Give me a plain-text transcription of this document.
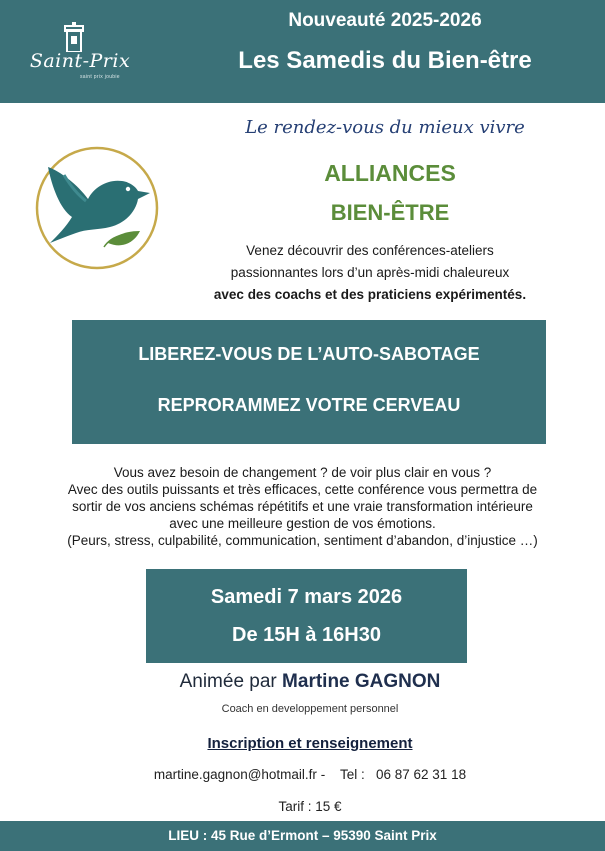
Saint-Prix
saint prix joubie
Nouveauté 2025-2026
Les Samedis du Bien-être
Le rendez-vous du mieux vivre
ALLIANCES
BIEN-ÊTRE
Venez découvrir des conférences-ateliers
passionnantes lors d’un après-midi chaleureux
avec des coachs et des praticiens expérimentés.
LIBEREZ-VOUS DE L’AUTO-SABOTAGE
REPRORAMMEZ VOTRE CERVEAU
Vous avez besoin de changement ? de voir plus clair en vous ?
Avec des outils puissants et très efficaces, cette conférence vous permettra de
sortir de vos anciens schémas répétitifs et une vraie transformation intérieure
avec une meilleure gestion de vos émotions.
(Peurs, stress, culpabilité, communication, sentiment d’abandon, d’injustice …)
Samedi 7 mars 2026
De 15H à 16H30
Animée par Martine GAGNON
Coach en developpement personnel
Inscription et renseignement
martine.gagnon@hotmail.fr - Tel : 06 87 62 31 18
Tarif : 15 €
LIEU : 45 Rue d’Ermont – 95390 Saint Prix
